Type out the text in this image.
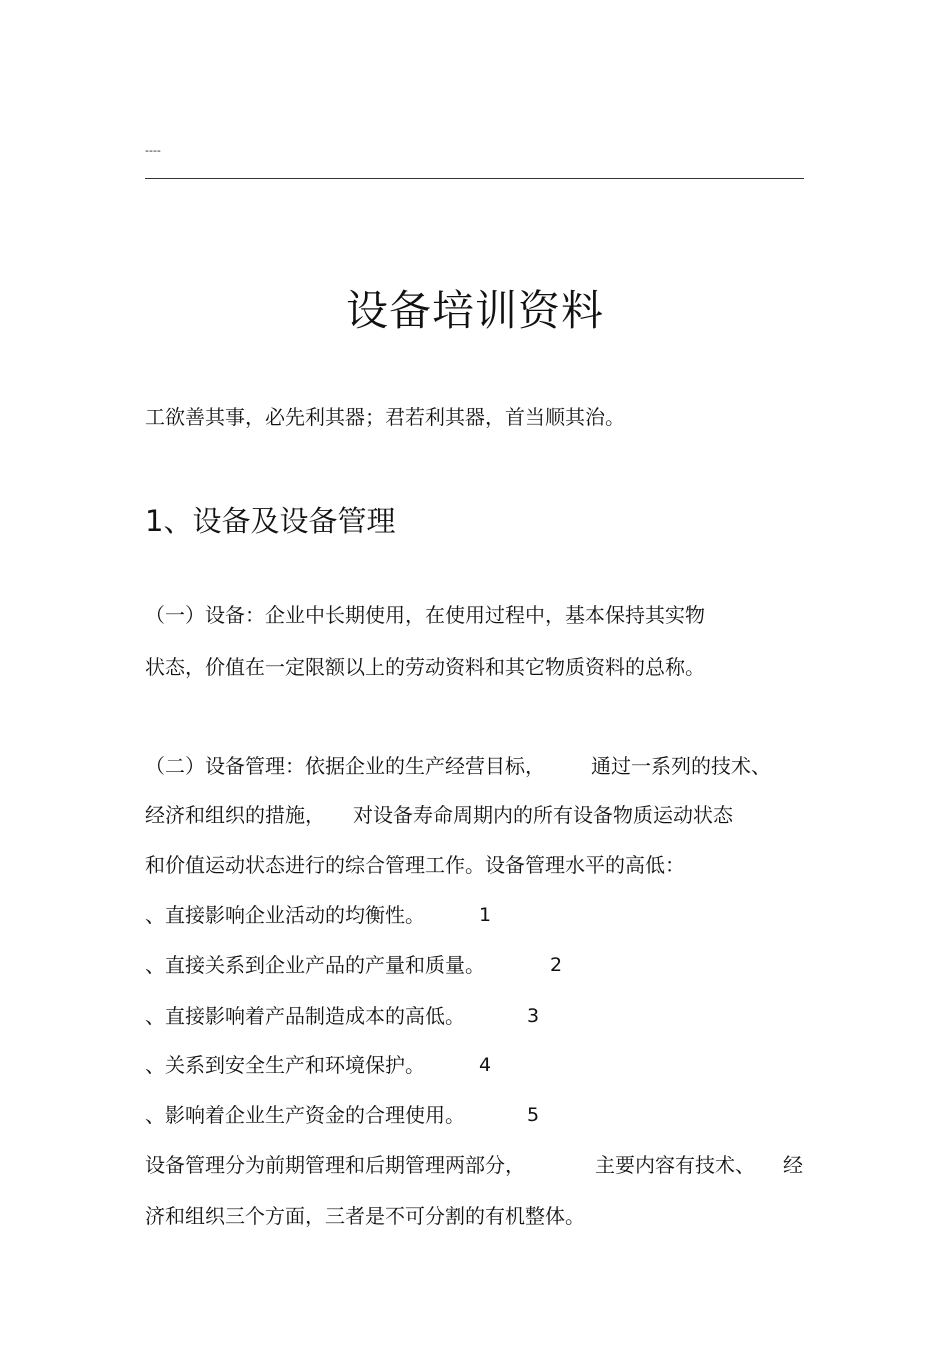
----
设备培训资料

工欲善其事，必先利其器；君若利其器，首当顺其治。

1、设备及设备管理

（一）设备：企业中长期使用，在使用过程中，基本保持其实物

状态，价值在一定限额以上的劳动资料和其它物质资料的总称。

（二）设备管理：依据企业的生产经营目标， 通过一系列的技术、

经济和组织的措施， 对设备寿命周期内的所有设备物质运动状态

和价值运动状态进行的综合管理工作。设备管理水平的高低：

、直接影响企业活动的均衡性。	1

、直接关系到企业产品的产量和质量。	2

、直接影响着产品制造成本的高低。	3

、关系到安全生产和环境保护。	4

、影响着企业生产资金的合理使用。	5

设备管理分为前期管理和后期管理两部分，	主要内容有技术、 经

济和组织三个方面，三者是不可分割的有机整体。
